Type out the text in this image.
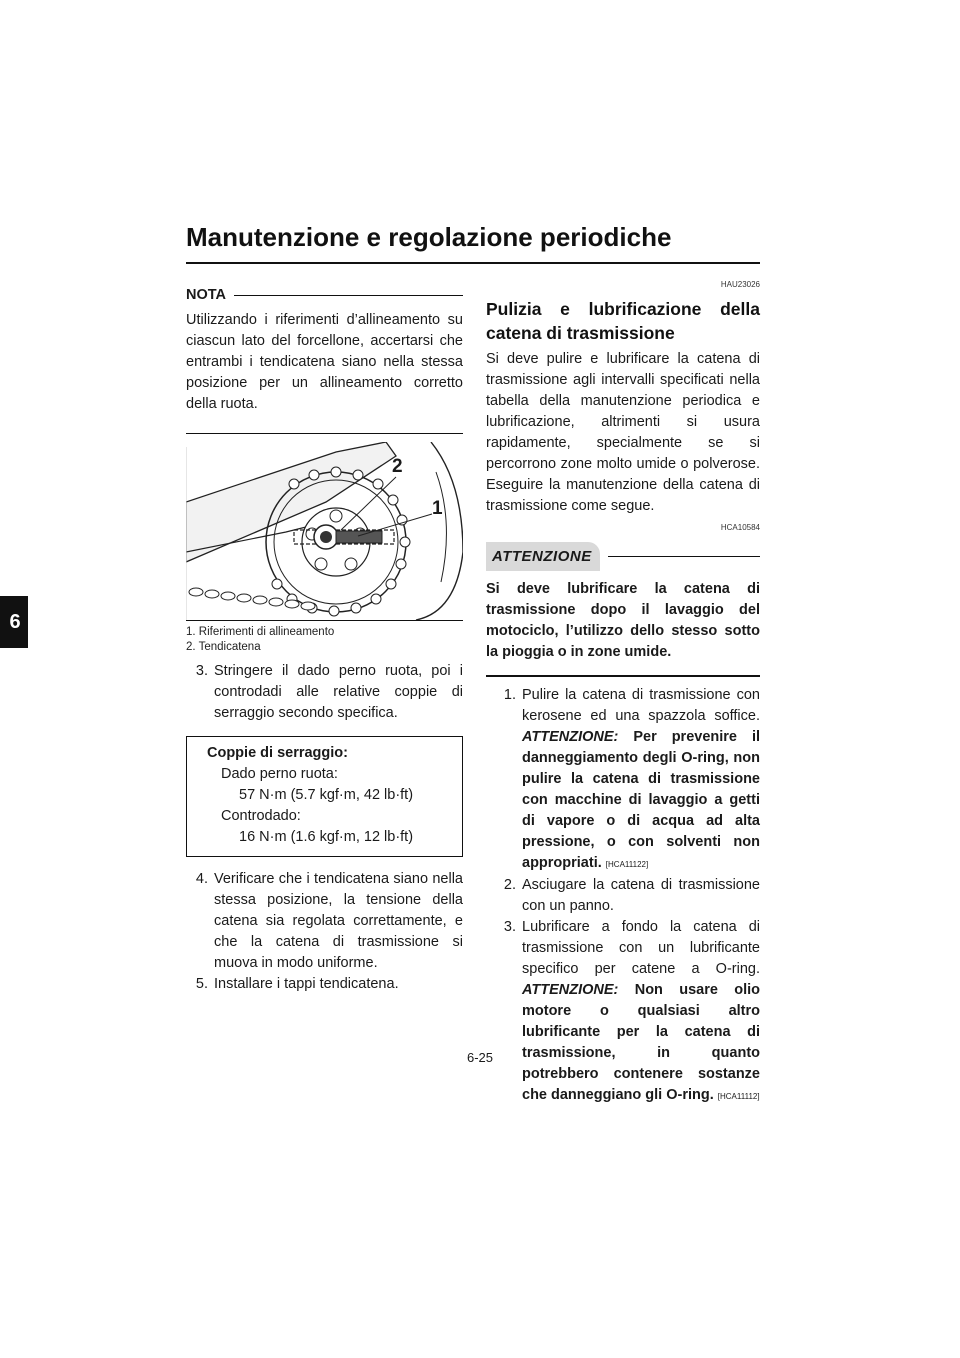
Manutenzione e regolazione periodiche
6
NOTA

Utilizzando i riferimenti d’allineamento su ciascun lato del forcellone, accertarsi che entrambi i tendicatena siano nella stessa posizione per un allineamento corretto della ruota.

2
1
1. Riferimenti di allineamento
2. Tendicatena
3. Stringere il dado perno ruota, poi i controdadi alle relative coppie di serraggio secondo specifica.
Coppie di serraggio:
Dado perno ruota:
57 N·m (5.7 kgf·m, 42 lb·ft)
Controdado:
16 N·m (1.6 kgf·m, 12 lb·ft)
4. Verificare che i tendicatena siano nella stessa posizione, la tensione della catena sia regolata correttamente, e che la catena di trasmissione si muova in modo uniforme.
5. Installare i tappi tendicatena.
HAU23026
Pulizia e lubrificazione della catena di trasmissione

Si deve pulire e lubrificare la catena di trasmissione agli intervalli specificati nella tabella della manutenzione periodica e lubrificazione, altrimenti si usura rapidamente, specialmente se si percorrono zone molto umide o polverose. Eseguire la manutenzione della catena di trasmissione come segue.

HCA10584
ATTENZIONE

Si deve lubrificare la catena di trasmissione dopo il lavaggio del motociclo, l’utilizzo dello stesso sotto la pioggia o in zone umide.

1. Pulire la catena di trasmissione con kerosene ed una spazzola soffice. ATTENZIONE: Per prevenire il danneggiamento degli O-ring, non pulire la catena di trasmissione con macchine di lavaggio a getti di vapore o di acqua ad alta pressione, o con solventi non appropriati. [HCA11122]
2. Asciugare la catena di trasmissione con un panno.
3. Lubrificare a fondo la catena di trasmissione con un lubrificante specifico per catene a O-ring. ATTENZIONE: Non usare olio motore o qualsiasi altro lubrificante per la catena di trasmissione, in quanto potrebbero contenere sostanze che danneggiano gli O-ring. [HCA11112]
6-25
